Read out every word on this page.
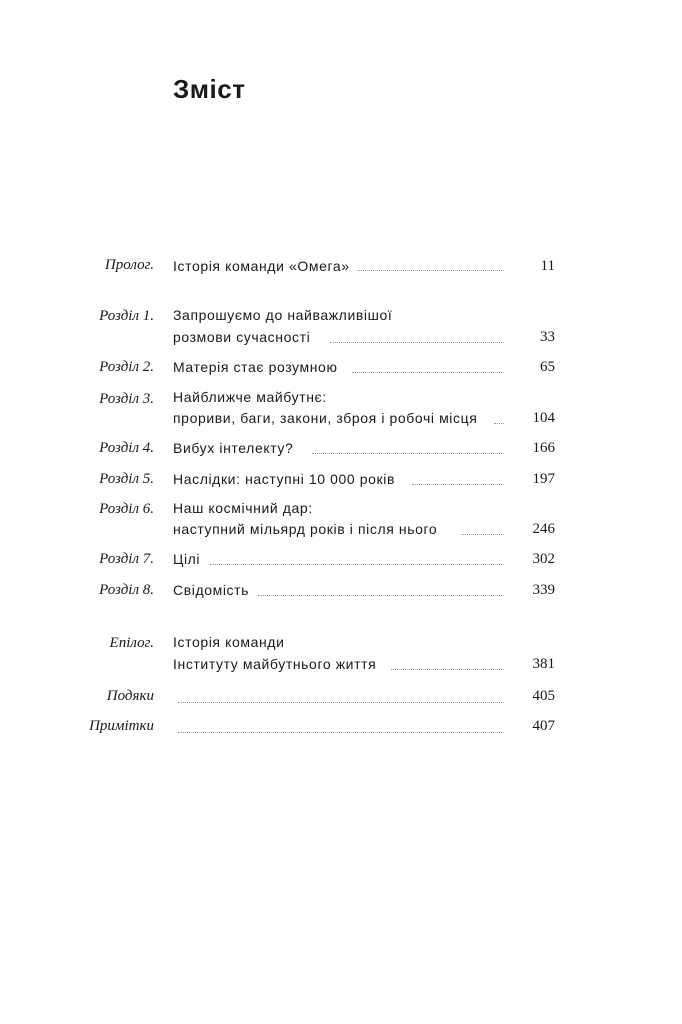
Зміст
Пролог. Історія команди «Омега»	11
Розділ 1. Запрошуємо до найважливішої
розмови сучасності	33
Розділ 2. Матерія стає розумною	65
Розділ 3. Найближче майбутнє:
прориви, баги, закони, зброя і робочі місця	104
Розділ 4. Вибух інтелекту?	166
Розділ 5. Наслідки: наступні 10 000 років	197
Розділ 6. Наш космічний дар:
наступний мільярд років і після нього	246
Розділ 7. Цілі	302
Розділ 8. Свідомість	339
Епілог. Історія команди
Інституту майбутнього життя	381
Подяки	405
Примітки	407
